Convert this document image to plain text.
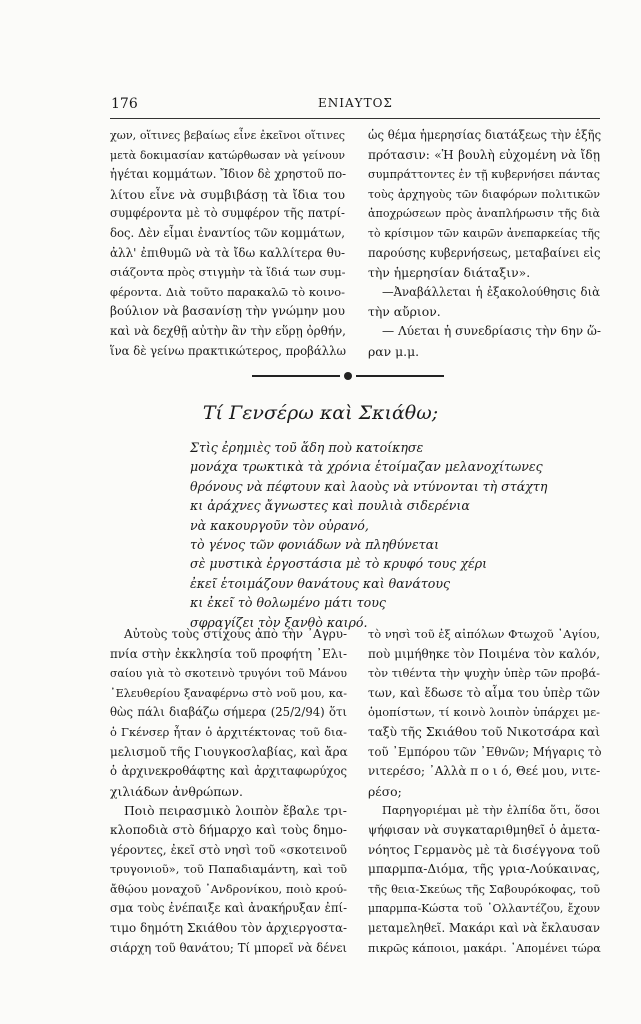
176	ΕΝΙΑΥΤΟΣ
χων, οἵτινες βεβαίως εἶνε ἐκεῖνοι οἵτινες
μετὰ δοκιμασίαν κατώρθωσαν νὰ γείνουν
ἡγέται κομμάτων. Ἴδιον δὲ χρηστοῦ πο-
λίτου εἶνε νὰ συμβιβάσῃ τὰ ἴδια του
συμφέροντα μὲ τὸ συμφέρον τῆς πατρί-
δος. Δὲν εἶμαι ἐναντίος τῶν κομμάτων,
ἀλλ' ἐπιθυμῶ νὰ τὰ ἴδω καλλίτερα θυ-
σιάζοντα πρὸς στιγμὴν τὰ ἴδιά των συμ-
φέροντα. Διὰ τοῦτο παρακαλῶ τὸ κοινο-
βούλιον νὰ βασανίσῃ τὴν γνώμην μου
καὶ νὰ δεχθῇ αὐτὴν ἂν τὴν εὕρῃ ὀρθήν,
ἵνα δὲ γείνω πρακτικώτερος, προβάλλω
ὡς θέμα ἡμερησίας διατάξεως τὴν ἑξῆς
πρότασιν: «Ἡ βουλὴ εὐχομένη νὰ ἴδῃ
συμπράττοντες ἐν τῇ κυβερνήσει πάντας
τοὺς ἀρχηγοὺς τῶν διαφόρων πολιτικῶν
ἀποχρώσεων πρὸς ἀναπλήρωσιν τῆς διὰ
τὸ κρίσιμον τῶν καιρῶν ἀνεπαρκείας τῆς
παρούσης κυβερνήσεως, μεταβαίνει εἰς
τὴν ἡμερησίαν διάταξιν».
—Ἀναβάλλεται ἡ ἐξακολούθησις διὰ
τὴν αὔριον.
— Λύεται ἡ συνεδρίασις τὴν 6ην ὥ-
ραν μ.μ.
Τί Γενσέρω καὶ Σκιάθω;
Στὶς ἐρημιὲς τοῦ ἅδη ποὺ κατοίκησε
μονάχα τρωκτικὰ τὰ χρόνια ἑτοίμαζαν μελανοχίτωνες
θρόνους νὰ πέφτουν καὶ λαοὺς νὰ ντύνονται τὴ στάχτη
κι ἀράχνες ἄγνωστες καὶ πουλιὰ σιδερένια
νὰ κακουργοῦν τὸν οὐρανό,
τὸ γένος τῶν φονιάδων νὰ πληθύνεται
σὲ μυστικὰ ἐργοστάσια μὲ τὸ κρυφό τους χέρι
ἐκεῖ ἑτοιμάζουν θανάτους καὶ θανάτους
κι ἐκεῖ τὸ θολωμένο μάτι τους
σφραγίζει τὸν ξανθὸ καιρό.
Αὐτοὺς τοὺς στίχους ἀπὸ τὴν ᾿Αγρυ-
πνία στὴν ἐκκλησία τοῦ προφήτη ᾿Ελι-
σαίου γιὰ τὸ σκοτεινὸ τρυγόνι τοῦ Μάνου
᾿Ελευθερίου ξαναφέρνω στὸ νοῦ μου, κα-
θὼς πάλι διαβάζω σήμερα (25/2/94) ὅτι
ὁ Γκένσερ ἦταν ὁ ἀρχιτέκτονας τοῦ δια-
μελισμοῦ τῆς Γιουγκοσλαβίας, καὶ ἄρα
ὁ ἀρχινεκροθάφτης καὶ ἀρχιταφωρύχος
χιλιάδων ἀνθρώπων.
Ποιὸ πειρασμικὸ λοιπὸν ἔβαλε τρι-
κλοποδιὰ στὸ δήμαρχο καὶ τοὺς δημο-
γέροντες, ἐκεῖ στὸ νησὶ τοῦ «σκοτεινοῦ
τρυγονιοῦ», τοῦ Παπαδιαμάντη, καὶ τοῦ
ἄθῴου μοναχοῦ ᾿Ανδρονίκου, ποιὸ κρού-
σμα τοὺς ἐνέπαιξε καὶ ἀνακήρυξαν ἐπί-
τιμο δημότη Σκιάθου τὸν ἀρχιεργοστα-
σιάρχη τοῦ θανάτου; Τί μπορεῖ νὰ δένει
τὸ νησὶ τοῦ ἐξ αἰπόλων Φτωχοῦ ᾿Αγίου,
ποὺ μιμήθηκε τὸν Ποιμένα τὸν καλόν,
τὸν τιθέντα τὴν ψυχὴν ὑπὲρ τῶν προβά-
των, καὶ ἔδωσε τὸ αἷμα του ὑπὲρ τῶν
ὁμοπίστων, τί κοινὸ λοιπὸν ὑπάρχει με-
ταξὺ τῆς Σκιάθου τοῦ Νικοτσάρα καὶ
τοῦ ᾿Εμπόρου τῶν ᾿Εθνῶν; Μήγαρις τὸ
νιτερέσο; ᾿Αλλὰ π ο ι ό, Θεέ μου, νιτε-
ρέσο;
Παρηγοριέμαι μὲ τὴν ἐλπίδα ὅτι, ὅσοι
ψήφισαν νὰ συγκαταριθμηθεῖ ὁ ἀμετα-
νόητος Γερμανὸς μὲ τὰ δισέγγονα τοῦ
μπαρμπα-Διόμα, τῆς γρια-Λούκαινας,
τῆς θεια-Σκεύως τῆς Σαβουρόκοφας, τοῦ
μπαρμπα-Κώστα τοῦ ᾿Ολλαντέζου, ἔχουν
μεταμεληθεῖ. Μακάρι καὶ νὰ ἔκλαυσαν
πικρῶς κάποιοι, μακάρι. ᾿Απομένει τώρα
